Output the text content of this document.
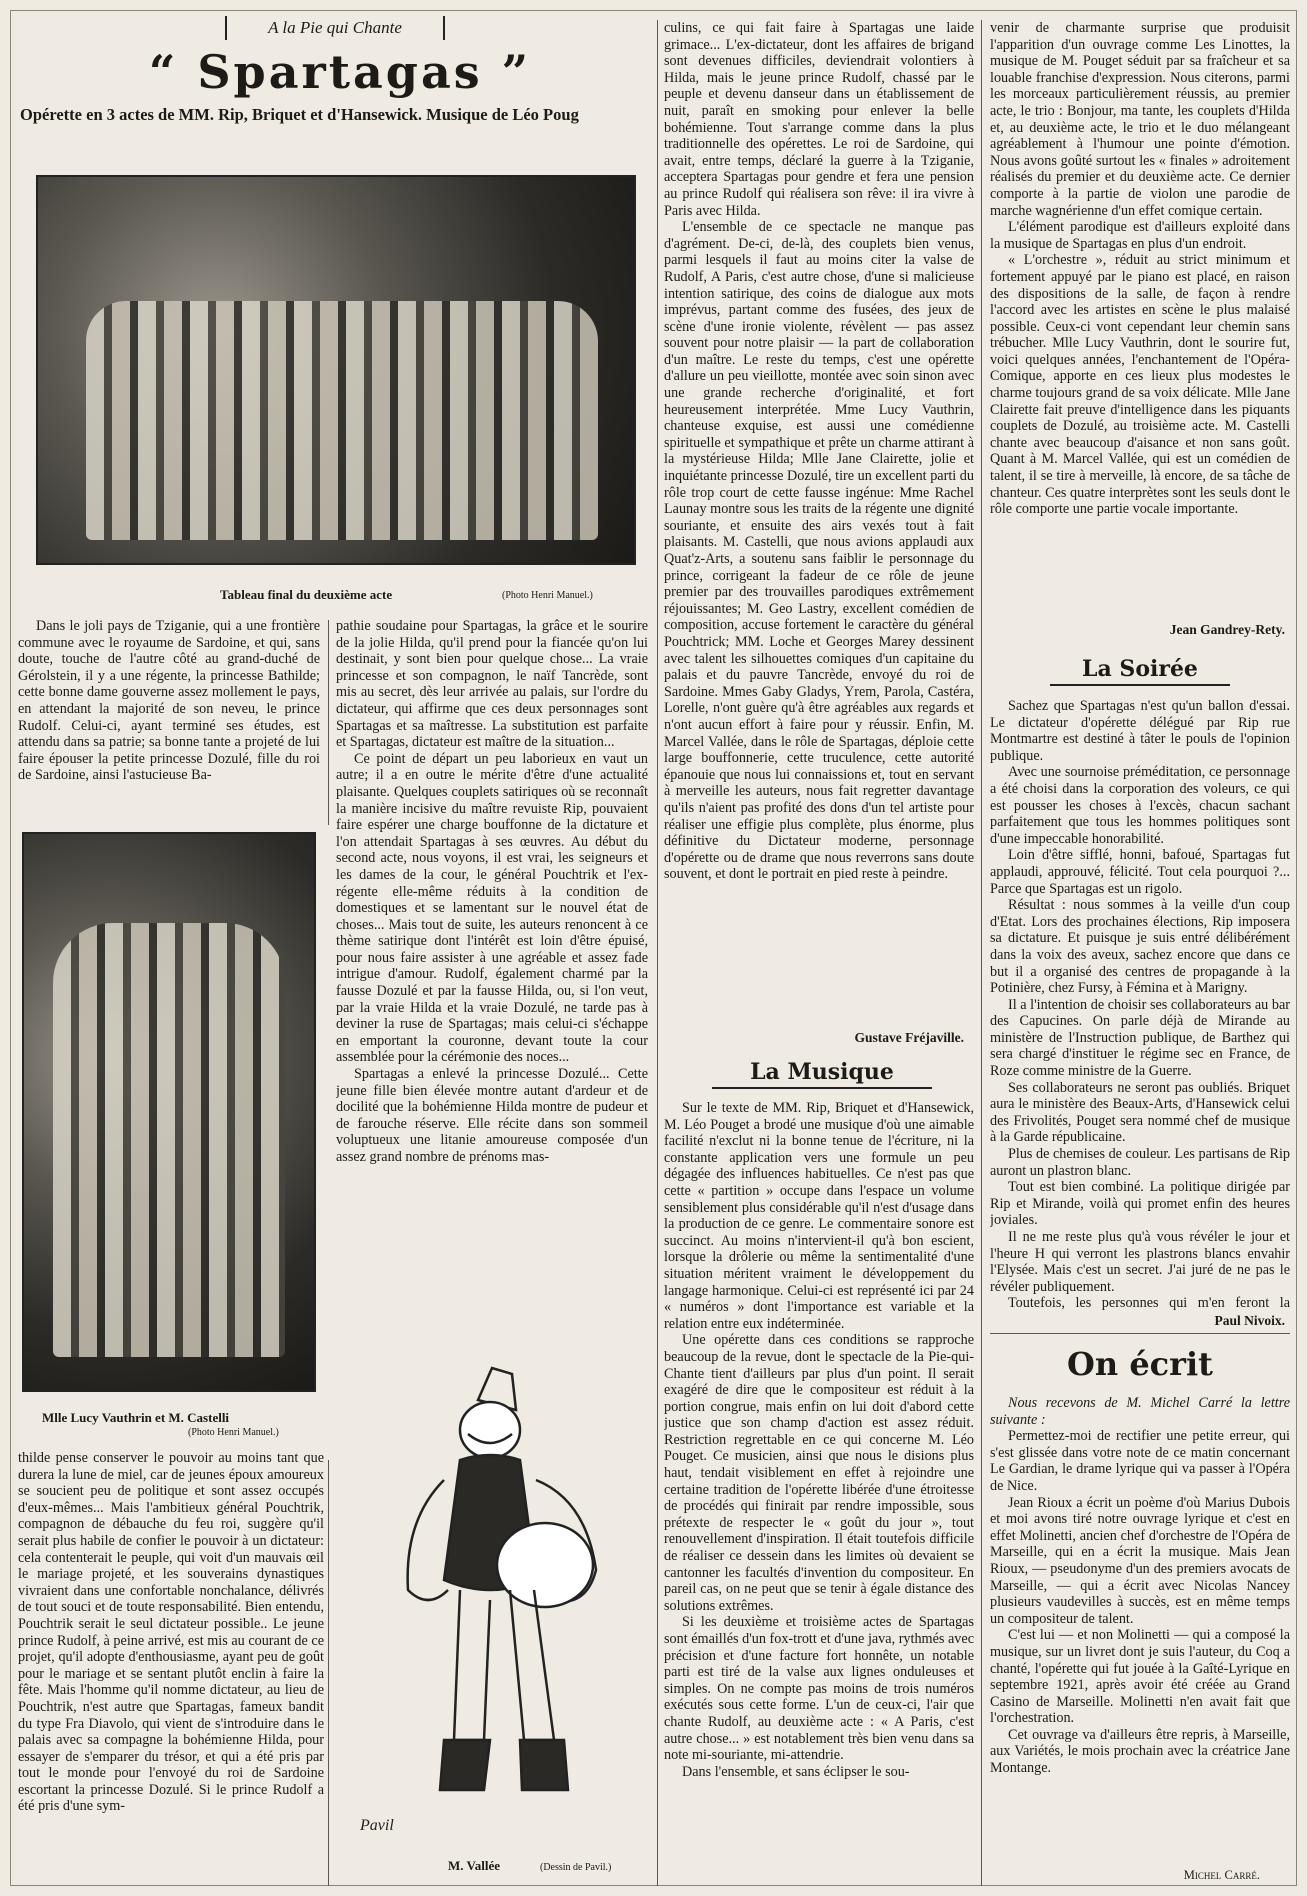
A la Pie qui Chante
“ Spartagas ”
Opérette en 3 actes de MM. Rip, Briquet et d'Hansewick. Musique de Léo Poug
Tableau final du deuxième acte	(Photo Henri Manuel.)

Dans le joli pays de Tziganie, qui a une frontière commune avec le royaume de Sardoine, et qui, sans doute, touche de l'autre côté au grand-duché de Gérolstein, il y a une régente, la princesse Bathilde; cette bonne dame gouverne assez mollement le pays, en attendant la majorité de son neveu, le prince Rudolf. Celui-ci, ayant terminé ses études, est attendu dans sa patrie; sa bonne tante a projeté de lui faire épouser la petite princesse Dozulé, fille du roi de Sardoine, ainsi l'astucieuse Ba-

Mlle Lucy Vauthrin et M. Castelli
(Photo Henri Manuel.)

thilde pense conserver le pouvoir au moins tant que durera la lune de miel, car de jeunes époux amoureux se soucient peu de politique et sont assez occupés d'eux-mêmes... Mais l'ambitieux général Pouchtrik, compagnon de débauche du feu roi, suggère qu'il serait plus habile de confier le pouvoir à un dictateur: cela contenterait le peuple, qui voit d'un mauvais œil le mariage projeté, et les souverains dynastiques vivraient dans une confortable nonchalance, délivrés de tout souci et de toute responsabilité. Bien entendu, Pouchtrik serait le seul dictateur possible.. Le jeune prince Rudolf, à peine arrivé, est mis au courant de ce projet, qu'il adopte d'enthousiasme, ayant peu de goût pour le mariage et se sentant plutôt enclin à faire la fête. Mais l'homme qu'il nomme dictateur, au lieu de Pouchtrik, n'est autre que Spartagas, fameux bandit du type Fra Diavolo, qui vient de s'introduire dans le palais avec sa compagne la bohémienne Hilda, pour essayer de s'emparer du trésor, et qui a été pris par tout le monde pour l'envoyé du roi de Sardoine escortant la princesse Dozulé. Si le prince Rudolf a été pris d'une sym-

pathie soudaine pour Spartagas, la grâce et le sourire de la jolie Hilda, qu'il prend pour la fiancée qu'on lui destinait, y sont bien pour quelque chose... La vraie princesse et son compagnon, le naïf Tancrède, sont mis au secret, dès leur arrivée au palais, sur l'ordre du dictateur, qui affirme que ces deux personnages sont Spartagas et sa maîtresse. La substitution est parfaite et Spartagas, dictateur est maître de la situation...

Ce point de départ un peu laborieux en vaut un autre; il a en outre le mérite d'être d'une actualité plaisante. Quelques couplets satiriques où se reconnaît la manière incisive du maître revuiste Rip, pouvaient faire espérer une charge bouffonne de la dictature et l'on attendait Spartagas à ses œuvres. Au début du second acte, nous voyons, il est vrai, les seigneurs et les dames de la cour, le général Pouchtrik et l'ex-régente elle-même réduits à la condition de domestiques et se lamentant sur le nouvel état de choses... Mais tout de suite, les auteurs renoncent à ce thème satirique dont l'intérêt est loin d'être épuisé, pour nous faire assister à une agréable et assez fade intrigue d'amour. Rudolf, également charmé par la fausse Dozulé et par la fausse Hilda, ou, si l'on veut, par la vraie Hilda et la vraie Dozulé, ne tarde pas à deviner la ruse de Spartagas; mais celui-ci s'échappe en emportant la couronne, devant toute la cour assemblée pour la cérémonie des noces...

Spartagas a enlevé la princesse Dozulé... Cette jeune fille bien élevée montre autant d'ardeur et de docilité que la bohémienne Hilda montre de pudeur et de farouche réserve. Elle récite dans son sommeil voluptueux une litanie amoureuse composée d'un assez grand nombre de prénoms mas-

Pavil
M. Vallée	(Dessin de Pavil.)

culins, ce qui fait faire à Spartagas une laide grimace... L'ex-dictateur, dont les affaires de brigand sont devenues difficiles, deviendrait volontiers à Hilda, mais le jeune prince Rudolf, chassé par le peuple et devenu danseur dans un établissement de nuit, paraît en smoking pour enlever la belle bohémienne. Tout s'arrange comme dans la plus traditionnelle des opérettes. Le roi de Sardoine, qui avait, entre temps, déclaré la guerre à la Tziganie, acceptera Spartagas pour gendre et fera une pension au prince Rudolf qui réalisera son rêve: il ira vivre à Paris avec Hilda.

L'ensemble de ce spectacle ne manque pas d'agrément. De-ci, de-là, des couplets bien venus, parmi lesquels il faut au moins citer la valse de Rudolf, A Paris, c'est autre chose, d'une si malicieuse intention satirique, des coins de dialogue aux mots imprévus, partant comme des fusées, des jeux de scène d'une ironie violente, révèlent — pas assez souvent pour notre plaisir — la part de collaboration d'un maître. Le reste du temps, c'est une opérette d'allure un peu vieillotte, montée avec soin sinon avec une grande recherche d'originalité, et fort heureusement interprétée. Mme Lucy Vauthrin, chanteuse exquise, est aussi une comédienne spirituelle et sympathique et prête un charme attirant à la mystérieuse Hilda; Mlle Jane Clairette, jolie et inquiétante princesse Dozulé, tire un excellent parti du rôle trop court de cette fausse ingénue: Mme Rachel Launay montre sous les traits de la régente une dignité souriante, et ensuite des airs vexés tout à fait plaisants. M. Castelli, que nous avions applaudi aux Quat'z-Arts, a soutenu sans faiblir le personnage du prince, corrigeant la fadeur de ce rôle de jeune premier par des trouvailles parodiques extrêmement réjouissantes; M. Geo Lastry, excellent comédien de composition, accuse fortement le caractère du général Pouchtrick; MM. Loche et Georges Marey dessinent avec talent les silhouettes comiques d'un capitaine du palais et du pauvre Tancrède, envoyé du roi de Sardoine. Mmes Gaby Gladys, Yrem, Parola, Castéra, Lorelle, n'ont guère qu'à être agréables aux regards et n'ont aucun effort à faire pour y réussir. Enfin, M. Marcel Vallée, dans le rôle de Spartagas, déploie cette large bouffonnerie, cette truculence, cette autorité épanouie que nous lui connaissions et, tout en servant à merveille les auteurs, nous fait regretter davantage qu'ils n'aient pas profité des dons d'un tel artiste pour réaliser une effigie plus complète, plus énorme, plus définitive du Dictateur moderne, personnage d'opérette ou de drame que nous reverrons sans doute souvent, et dont le portrait en pied reste à peindre.

Gustave Fréjaville.
La Musique

Sur le texte de MM. Rip, Briquet et d'Hansewick, M. Léo Pouget a brodé une musique d'où une aimable facilité n'exclut ni la bonne tenue de l'écriture, ni la constante application vers une formule un peu dégagée des influences habituelles. Ce n'est pas que cette « partition » occupe dans l'espace un volume sensiblement plus considérable qu'il n'est d'usage dans la production de ce genre. Le commentaire sonore est succinct. Au moins n'intervient-il qu'à bon escient, lorsque la drôlerie ou même la sentimentalité d'une situation méritent vraiment le développement du langage harmonique. Celui-ci est représenté ici par 24 « numéros » dont l'importance est variable et la relation entre eux indéterminée.

Une opérette dans ces conditions se rapproche beaucoup de la revue, dont le spectacle de la Pie-qui-Chante tient d'ailleurs par plus d'un point. Il serait exagéré de dire que le compositeur est réduit à la portion congrue, mais enfin on lui doit d'abord cette justice que son champ d'action est assez réduit. Restriction regrettable en ce qui concerne M. Léo Pouget. Ce musicien, ainsi que nous le disions plus haut, tendait visiblement en effet à rejoindre une certaine tradition de l'opérette libérée d'une étroitesse de procédés qui finirait par rendre impossible, sous prétexte de respecter le « goût du jour », tout renouvellement d'inspiration. Il était toutefois difficile de réaliser ce dessein dans les limites où devaient se cantonner les facultés d'invention du compositeur. En pareil cas, on ne peut que se tenir à égale distance des solutions extrêmes.

Si les deuxième et troisième actes de Spartagas sont émaillés d'un fox-trott et d'une java, rythmés avec précision et d'une facture fort honnête, un notable parti est tiré de la valse aux lignes onduleuses et simples. On ne compte pas moins de trois numéros exécutés sous cette forme. L'un de ceux-ci, l'air que chante Rudolf, au deuxième acte : « A Paris, c'est autre chose... » est notablement très bien venu dans sa note mi-souriante, mi-attendrie.

Dans l'ensemble, et sans éclipser le sou-

venir de charmante surprise que produisit l'apparition d'un ouvrage comme Les Linottes, la musique de M. Pouget séduit par sa fraîcheur et sa louable franchise d'expression. Nous citerons, parmi les morceaux particulièrement réussis, au premier acte, le trio : Bonjour, ma tante, les couplets d'Hilda et, au deuxième acte, le trio et le duo mélangeant agréablement à l'humour une pointe d'émotion. Nous avons goûté surtout les « finales » adroitement réalisés du premier et du deuxième acte. Ce dernier comporte à la partie de violon une parodie de marche wagnérienne d'un effet comique certain.

L'élément parodique est d'ailleurs exploité dans la musique de Spartagas en plus d'un endroit.

« L'orchestre », réduit au strict minimum et fortement appuyé par le piano est placé, en raison des dispositions de la salle, de façon à rendre l'accord avec les artistes en scène le plus malaisé possible. Ceux-ci vont cependant leur chemin sans trébucher. Mlle Lucy Vauthrin, dont le sourire fut, voici quelques années, l'enchantement de l'Opéra-Comique, apporte en ces lieux plus modestes le charme toujours grand de sa voix délicate. Mlle Jane Clairette fait preuve d'intelligence dans les piquants couplets de Dozulé, au troisième acte. M. Castelli chante avec beaucoup d'aisance et non sans goût. Quant à M. Marcel Vallée, qui est un comédien de talent, il se tire à merveille, là encore, de sa tâche de chanteur. Ces quatre interprètes sont les seuls dont le rôle comporte une partie vocale importante.

Jean Gandrey-Rety.
La Soirée

Sachez que Spartagas n'est qu'un ballon d'essai. Le dictateur d'opérette délégué par Rip rue Montmartre est destiné à tâter le pouls de l'opinion publique.

Avec une sournoise préméditation, ce personnage a été choisi dans la corporation des voleurs, ce qui est pousser les choses à l'excès, chacun sachant parfaitement que tous les hommes politiques sont d'une impeccable honorabilité.

Loin d'être sifflé, honni, bafoué, Spartagas fut applaudi, approuvé, félicité. Tout cela pourquoi ?... Parce que Spartagas est un rigolo.

Résultat : nous sommes à la veille d'un coup d'Etat. Lors des prochaines élections, Rip imposera sa dictature. Et puisque je suis entré délibérément dans la voix des aveux, sachez encore que dans ce but il a organisé des centres de propagande à la Potinière, chez Fursy, à Fémina et à Marigny.

Il a l'intention de choisir ses collaborateurs au bar des Capucines. On parle déjà de Mirande au ministère de l'Instruction publique, de Barthez qui sera chargé d'instituer le régime sec en France, de Roze comme ministre de la Guerre.

Ses collaborateurs ne seront pas oubliés. Briquet aura le ministère des Beaux-Arts, d'Hansewick celui des Frivolités, Pouget sera nommé chef de musique à la Garde républicaine.

Plus de chemises de couleur. Les partisans de Rip auront un plastron blanc.

Tout est bien combiné. La politique dirigée par Rip et Mirande, voilà qui promet enfin des heures joviales.

Il ne me reste plus qu'à vous révéler le jour et l'heure H qui verront les plastrons blancs envahir l'Elysée. Mais c'est un secret. J'ai juré de ne pas le révéler publiquement.

Toutefois, les personnes qui m'en feront la

Paul Nivoix.
On écrit

Nous recevons de M. Michel Carré la lettre suivante :

Permettez-moi de rectifier une petite erreur, qui s'est glissée dans votre note de ce matin concernant Le Gardian, le drame lyrique qui va passer à l'Opéra de Nice.

Jean Rioux a écrit un poème d'où Marius Dubois et moi avons tiré notre ouvrage lyrique et c'est en effet Molinetti, ancien chef d'orchestre de l'Opéra de Marseille, qui en a écrit la musique. Mais Jean Rioux, — pseudonyme d'un des premiers avocats de Marseille, — qui a écrit avec Nicolas Nancey plusieurs vaudevilles à succès, est en même temps un compositeur de talent.

C'est lui — et non Molinetti — qui a composé la musique, sur un livret dont je suis l'auteur, du Coq a chanté, l'opérette qui fut jouée à la Gaîté-Lyrique en septembre 1921, après avoir été créée au Grand Casino de Marseille. Molinetti n'en avait fait que l'orchestration.

Cet ouvrage va d'ailleurs être repris, à Marseille, aux Variétés, le mois prochain avec la créatrice Jane Montange.

Michel Carré.
